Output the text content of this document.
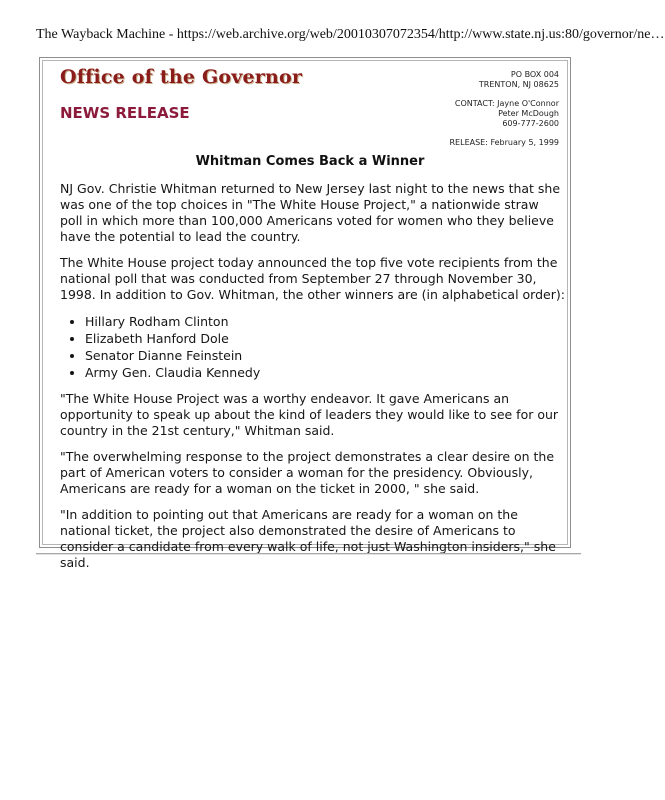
The Wayback Machine - https://web.archive.org/web/20010307072354/http://www.state.nj.us:80/governor/ne…
Office of the Governor
NEWS RELEASE
PO BOX 004
TRENTON, NJ 08625
CONTACT: Jayne O'Connor
Peter McDough
609-777-2600
RELEASE: February 5, 1999
Whitman Comes Back a Winner

NJ Gov. Christie Whitman returned to New Jersey last night to the news that she was one of the top choices in "The White House Project," a nationwide straw poll in which more than 100,000 Americans voted for women who they believe have the potential to lead the country.

The White House project today announced the top five vote recipients from the national poll that was conducted from September 27 through November 30, 1998. In addition to Gov. Whitman, the other winners are (in alphabetical order):

• Hillary Rodham Clinton
• Elizabeth Hanford Dole
• Senator Dianne Feinstein
• Army Gen. Claudia Kennedy

"The White House Project was a worthy endeavor. It gave Americans an opportunity to speak up about the kind of leaders they would like to see for our country in the 21st century," Whitman said.

"The overwhelming response to the project demonstrates a clear desire on the part of American voters to consider a woman for the presidency. Obviously, Americans are ready for a woman on the ticket in 2000, " she said.

"In addition to pointing out that Americans are ready for a woman on the national ticket, the project also demonstrated the desire of Americans to consider a candidate from every walk of life, not just Washington insiders," she said.
